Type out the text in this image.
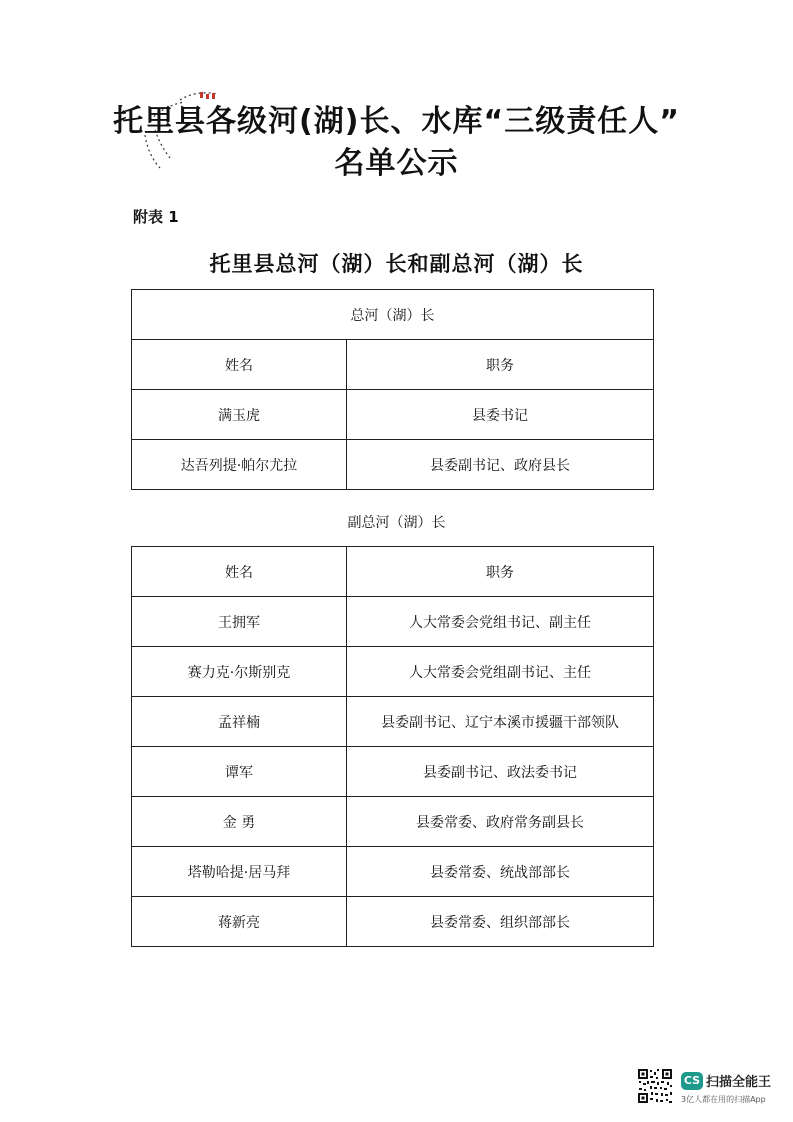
托里县各级河(湖)长、水库“三级责任人”
名单公示
附表 1
托里县总河（湖）长和副总河（湖）长
总河（湖）长	
姓名	职务
满玉虎	县委书记
达吾列提·帕尔尤拉	县委副书记、政府县长
副总河（湖）长
姓名	职务
王拥军	人大常委会党组书记、副主任
赛力克·尔斯别克	人大常委会党组副书记、主任
孟祥楠	县委副书记、辽宁本溪市援疆干部领队
谭军	县委副书记、政法委书记
金 勇	县委常委、政府常务副县长
塔勒哈提·居马拜	县委常委、统战部部长
蒋新亮	县委常委、组织部部长
CS 扫描全能王
3亿人都在用的扫描App
